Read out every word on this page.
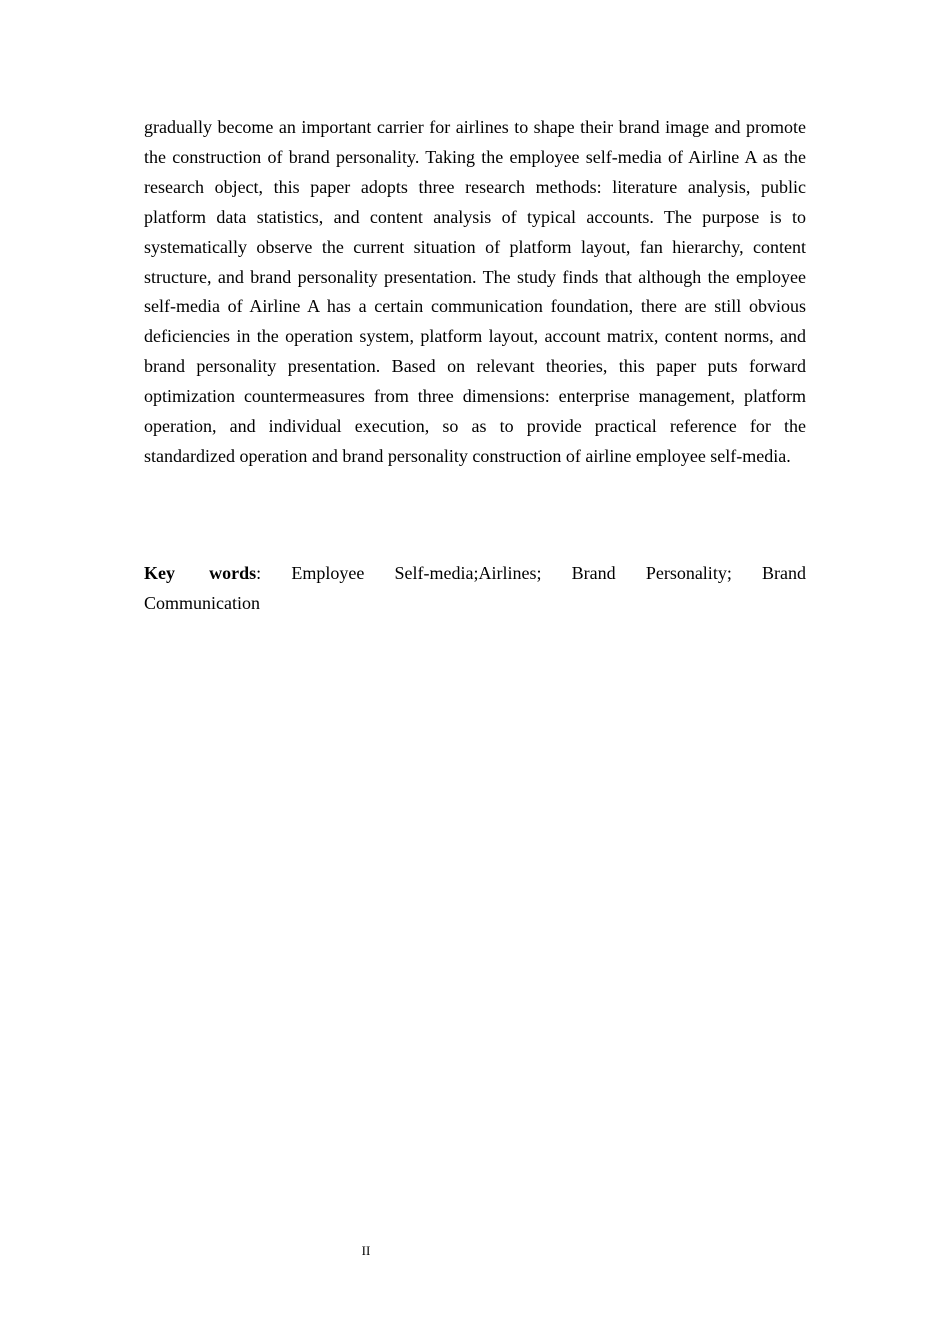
gradually become an important carrier for airlines to shape their brand image and promote the construction of brand personality. Taking the employee self-media of Airline A as the research object, this paper adopts three research methods: literature analysis, public platform data statistics, and content analysis of typical accounts. The purpose is to systematically observe the current situation of platform layout, fan hierarchy, content structure, and brand personality presentation. The study finds that although the employee self-media of Airline A has a certain communication foundation, there are still obvious deficiencies in the operation system, platform layout, account matrix, content norms, and brand personality presentation. Based on relevant theories, this paper puts forward optimization countermeasures from three dimensions: enterprise management, platform operation, and individual execution, so as to provide practical reference for the standardized operation and brand personality construction of airline employee self-media.

Key words: Employee Self-media;Airlines; Brand Personality; Brand Communication

II
